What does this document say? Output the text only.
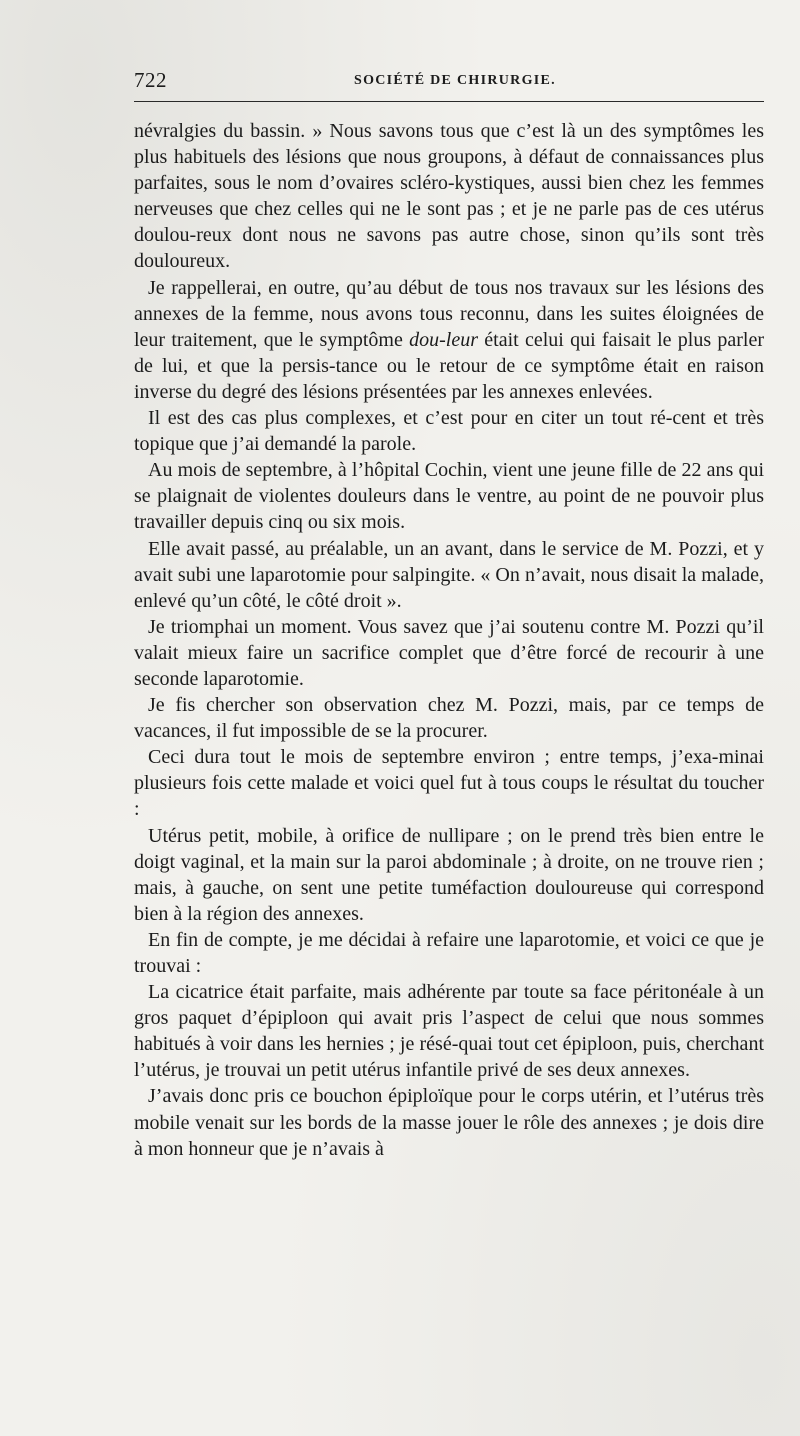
722	SOCIÉTÉ DE CHIRURGIE.

névralgies du bassin. » Nous savons tous que c’est là un des symptômes les plus habituels des lésions que nous groupons, à défaut de connaissances plus parfaites, sous le nom d’ovaires scléro-kystiques, aussi bien chez les femmes nerveuses que chez celles qui ne le sont pas ; et je ne parle pas de ces utérus doulou-reux dont nous ne savons pas autre chose, sinon qu’ils sont très douloureux.

Je rappellerai, en outre, qu’au début de tous nos travaux sur les lésions des annexes de la femme, nous avons tous reconnu, dans les suites éloignées de leur traitement, que le symptôme dou-leur était celui qui faisait le plus parler de lui, et que la persis-tance ou le retour de ce symptôme était en raison inverse du degré des lésions présentées par les annexes enlevées.

Il est des cas plus complexes, et c’est pour en citer un tout ré-cent et très topique que j’ai demandé la parole.

Au mois de septembre, à l’hôpital Cochin, vient une jeune fille de 22 ans qui se plaignait de violentes douleurs dans le ventre, au point de ne pouvoir plus travailler depuis cinq ou six mois.

Elle avait passé, au préalable, un an avant, dans le service de M. Pozzi, et y avait subi une laparotomie pour salpingite. « On n’avait, nous disait la malade, enlevé qu’un côté, le côté droit ».

Je triomphai un moment. Vous savez que j’ai soutenu contre M. Pozzi qu’il valait mieux faire un sacrifice complet que d’être forcé de recourir à une seconde laparotomie.

Je fis chercher son observation chez M. Pozzi, mais, par ce temps de vacances, il fut impossible de se la procurer.

Ceci dura tout le mois de septembre environ ; entre temps, j’exa-minai plusieurs fois cette malade et voici quel fut à tous coups le résultat du toucher :

Utérus petit, mobile, à orifice de nullipare ; on le prend très bien entre le doigt vaginal, et la main sur la paroi abdominale ; à droite, on ne trouve rien ; mais, à gauche, on sent une petite tuméfaction douloureuse qui correspond bien à la région des annexes.

En fin de compte, je me décidai à refaire une laparotomie, et voici ce que je trouvai :

La cicatrice était parfaite, mais adhérente par toute sa face péritonéale à un gros paquet d’épiploon qui avait pris l’aspect de celui que nous sommes habitués à voir dans les hernies ; je résé-quai tout cet épiploon, puis, cherchant l’utérus, je trouvai un petit utérus infantile privé de ses deux annexes.

J’avais donc pris ce bouchon épiploïque pour le corps utérin, et l’utérus très mobile venait sur les bords de la masse jouer le rôle des annexes ; je dois dire à mon honneur que je n’avais à
